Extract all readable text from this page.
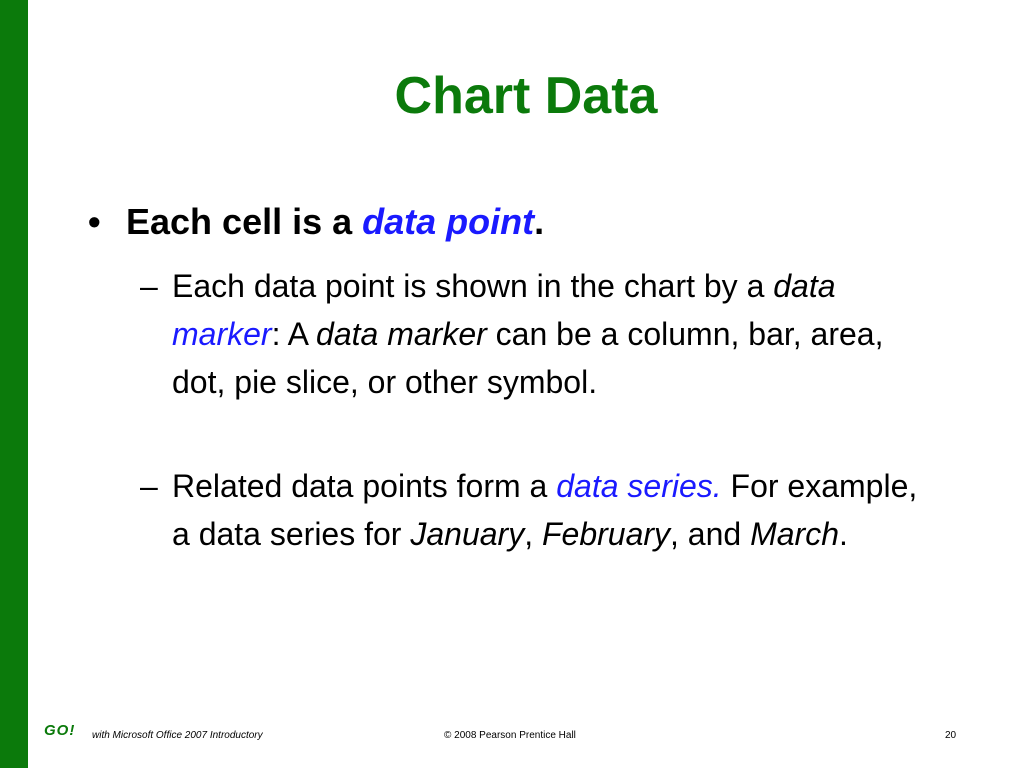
Chart Data
• Each cell is a data point.
– Each data point is shown in the chart by a data marker: A data marker can be a column, bar, area, dot, pie slice, or other symbol.
– Related data points form a data series. For example, a data series for January, February, and March.
GO! with Microsoft Office 2007 Introductory	© 2008 Pearson Prentice Hall	20
